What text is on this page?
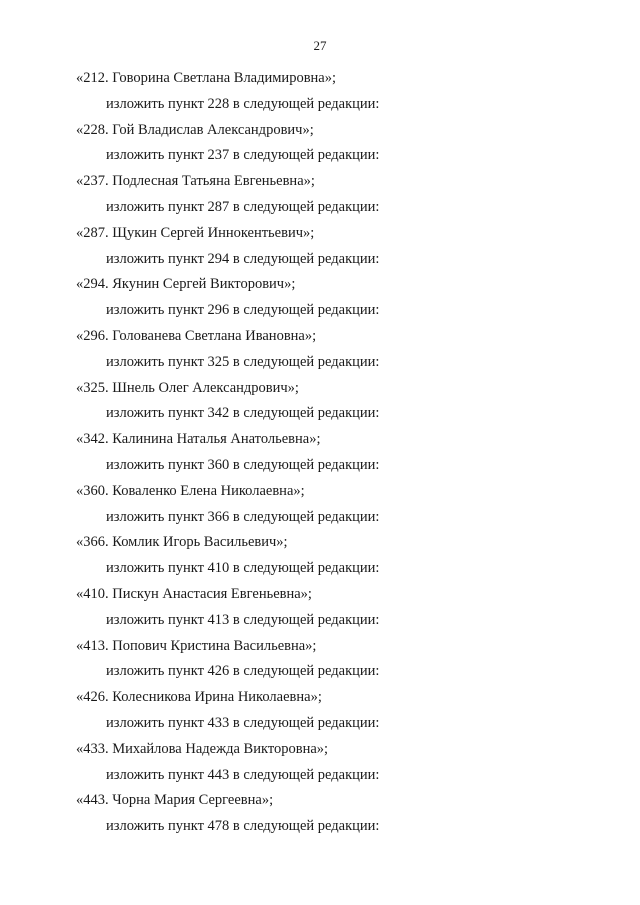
27
«212. Говорина Светлана Владимировна»;
изложить пункт 228 в следующей редакции:
«228. Гой Владислав Александрович»;
изложить пункт 237 в следующей редакции:
«237. Подлесная Татьяна Евгеньевна»;
изложить пункт 287 в следующей редакции:
«287. Щукин Сергей Иннокентьевич»;
изложить пункт 294 в следующей редакции:
«294. Якунин Сергей Викторович»;
изложить пункт 296 в следующей редакции:
«296. Голованева Светлана Ивановна»;
изложить пункт 325 в следующей редакции:
«325. Шнель Олег Александрович»;
изложить пункт 342 в следующей редакции:
«342. Калинина Наталья Анатольевна»;
изложить пункт 360 в следующей редакции:
«360. Коваленко Елена Николаевна»;
изложить пункт 366 в следующей редакции:
«366. Комлик Игорь Васильевич»;
изложить пункт 410 в следующей редакции:
«410. Пискун Анастасия Евгеньевна»;
изложить пункт 413 в следующей редакции:
«413. Попович Кристина Васильевна»;
изложить пункт 426 в следующей редакции:
«426. Колесникова Ирина Николаевна»;
изложить пункт 433 в следующей редакции:
«433. Михайлова Надежда Викторовна»;
изложить пункт 443 в следующей редакции:
«443. Чорна Мария Сергеевна»;
изложить пункт 478 в следующей редакции:
